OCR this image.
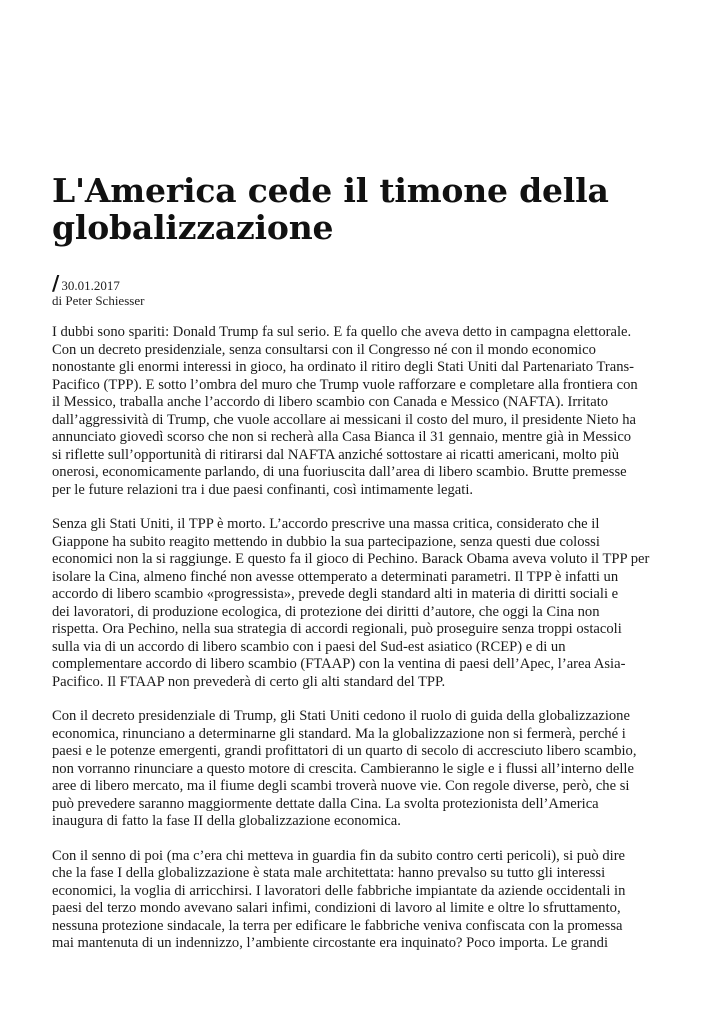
L'America cede il timone della globalizzazione
/ 30.01.2017
di Peter Schiesser

I dubbi sono spariti: Donald Trump fa sul serio. E fa quello che aveva detto in campagna elettorale.
Con un decreto presidenziale, senza consultarsi con il Congresso né con il mondo economico
nonostante gli enormi interessi in gioco, ha ordinato il ritiro degli Stati Uniti dal Partenariato Trans-
Pacifico (TPP). E sotto l’ombra del muro che Trump vuole rafforzare e completare alla frontiera con
il Messico, traballa anche l’accordo di libero scambio con Canada e Messico (NAFTA). Irritato
dall’aggressività di Trump, che vuole accollare ai messicani il costo del muro, il presidente Nieto ha
annunciato giovedì scorso che non si recherà alla Casa Bianca il 31 gennaio, mentre già in Messico
si riflette sull’opportunità di ritirarsi dal NAFTA anziché sottostare ai ricatti americani, molto più
onerosi, economicamente parlando, di una fuoriuscita dall’area di libero scambio. Brutte premesse
per le future relazioni tra i due paesi confinanti, così intimamente legati.

Senza gli Stati Uniti, il TPP è morto. L’accordo prescrive una massa critica, considerato che il
Giappone ha subito reagito mettendo in dubbio la sua partecipazione, senza questi due colossi
economici non la si raggiunge. E questo fa il gioco di Pechino. Barack Obama aveva voluto il TPP per
isolare la Cina, almeno finché non avesse ottemperato a determinati parametri. Il TPP è infatti un
accordo di libero scambio «progressista», prevede degli standard alti in materia di diritti sociali e
dei lavoratori, di produzione ecologica, di protezione dei diritti d’autore, che oggi la Cina non
rispetta. Ora Pechino, nella sua strategia di accordi regionali, può proseguire senza troppi ostacoli
sulla via di un accordo di libero scambio con i paesi del Sud-est asiatico (RCEP) e di un
complementare accordo di libero scambio (FTAAP) con la ventina di paesi dell’Apec, l’area Asia-
Pacifico. Il FTAAP non prevederà di certo gli alti standard del TPP.

Con il decreto presidenziale di Trump, gli Stati Uniti cedono il ruolo di guida della globalizzazione
economica, rinunciano a determinarne gli standard. Ma la globalizzazione non si fermerà, perché i
paesi e le potenze emergenti, grandi profittatori di un quarto di secolo di accresciuto libero scambio,
non vorranno rinunciare a questo motore di crescita. Cambieranno le sigle e i flussi all’interno delle
aree di libero mercato, ma il fiume degli scambi troverà nuove vie. Con regole diverse, però, che si
può prevedere saranno maggiormente dettate dalla Cina. La svolta protezionista dell’America
inaugura di fatto la fase II della globalizzazione economica.

Con il senno di poi (ma c’era chi metteva in guardia fin da subito contro certi pericoli), si può dire
che la fase I della globalizzazione è stata male architettata: hanno prevalso su tutto gli interessi
economici, la voglia di arricchirsi. I lavoratori delle fabbriche impiantate da aziende occidentali in
paesi del terzo mondo avevano salari infimi, condizioni di lavoro al limite e oltre lo sfruttamento,
nessuna protezione sindacale, la terra per edificare le fabbriche veniva confiscata con la promessa
mai mantenuta di un indennizzo, l’ambiente circostante era inquinato? Poco importa. Le grandi
